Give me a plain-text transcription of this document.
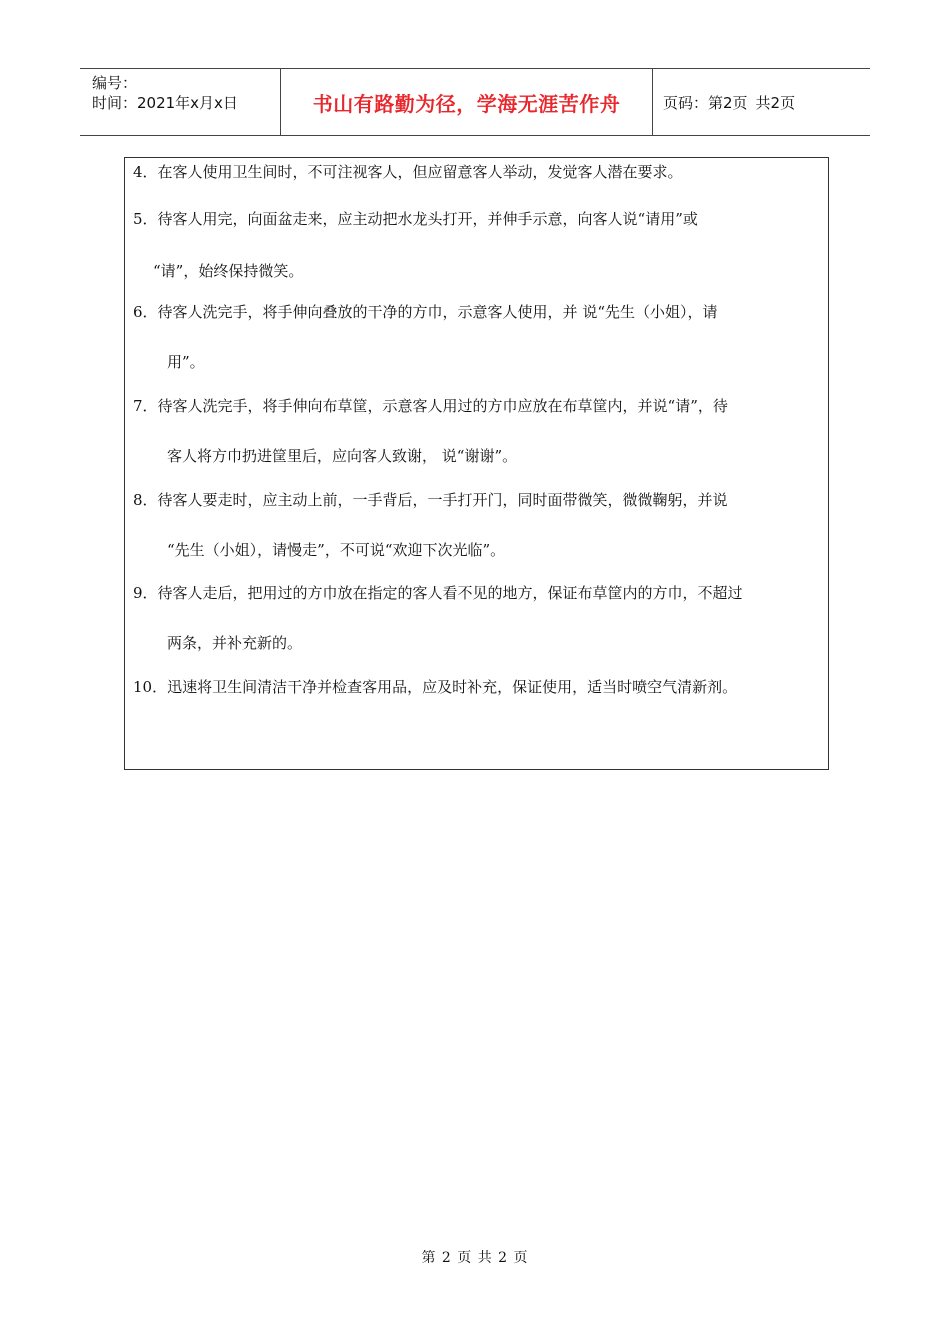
编号：
时间：2021年x月x日	书山有路勤为径，学海无涯苦作舟	页码：第2页 共2页
4．在客人使用卫生间时，不可注视客人，但应留意客人举动，发觉客人潜在要求。
5．待客人用完，向面盆走来，应主动把水龙头打开，并伸手示意，向客人说“请用”或
“请”，始终保持微笑。
6．待客人洗完手，将手伸向叠放的干净的方巾，示意客人使用，并 说“先生（小姐），请
用”。
7．待客人洗完手，将手伸向布草筐，示意客人用过的方巾应放在布草筐内，并说“请”，待
客人将方巾扔进筐里后，应向客人致谢， 说“谢谢”。
8．待客人要走时，应主动上前，一手背后，一手打开门，同时面带微笑，微微鞠躬，并说
“先生（小姐），请慢走”，不可说“欢迎下次光临”。
9．待客人走后，把用过的方巾放在指定的客人看不见的地方，保证布草筐内的方巾，不超过
两条，并补充新的。
10．迅速将卫生间清洁干净并检查客用品，应及时补充，保证使用，适当时喷空气清新剂。
第 2 页 共 2 页
